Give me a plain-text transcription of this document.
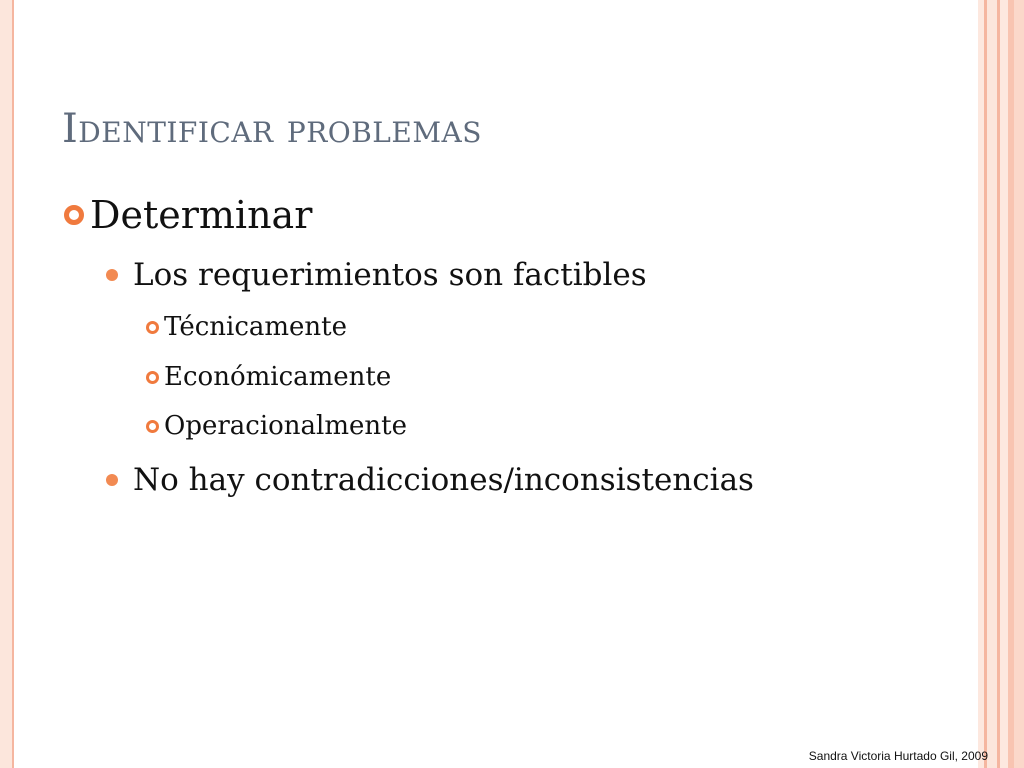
Identificar problemas
Determinar
Los requerimientos son factibles
Técnicamente
Económicamente
Operacionalmente
No hay contradicciones/inconsistencias
Sandra Victoria Hurtado Gil, 2009
